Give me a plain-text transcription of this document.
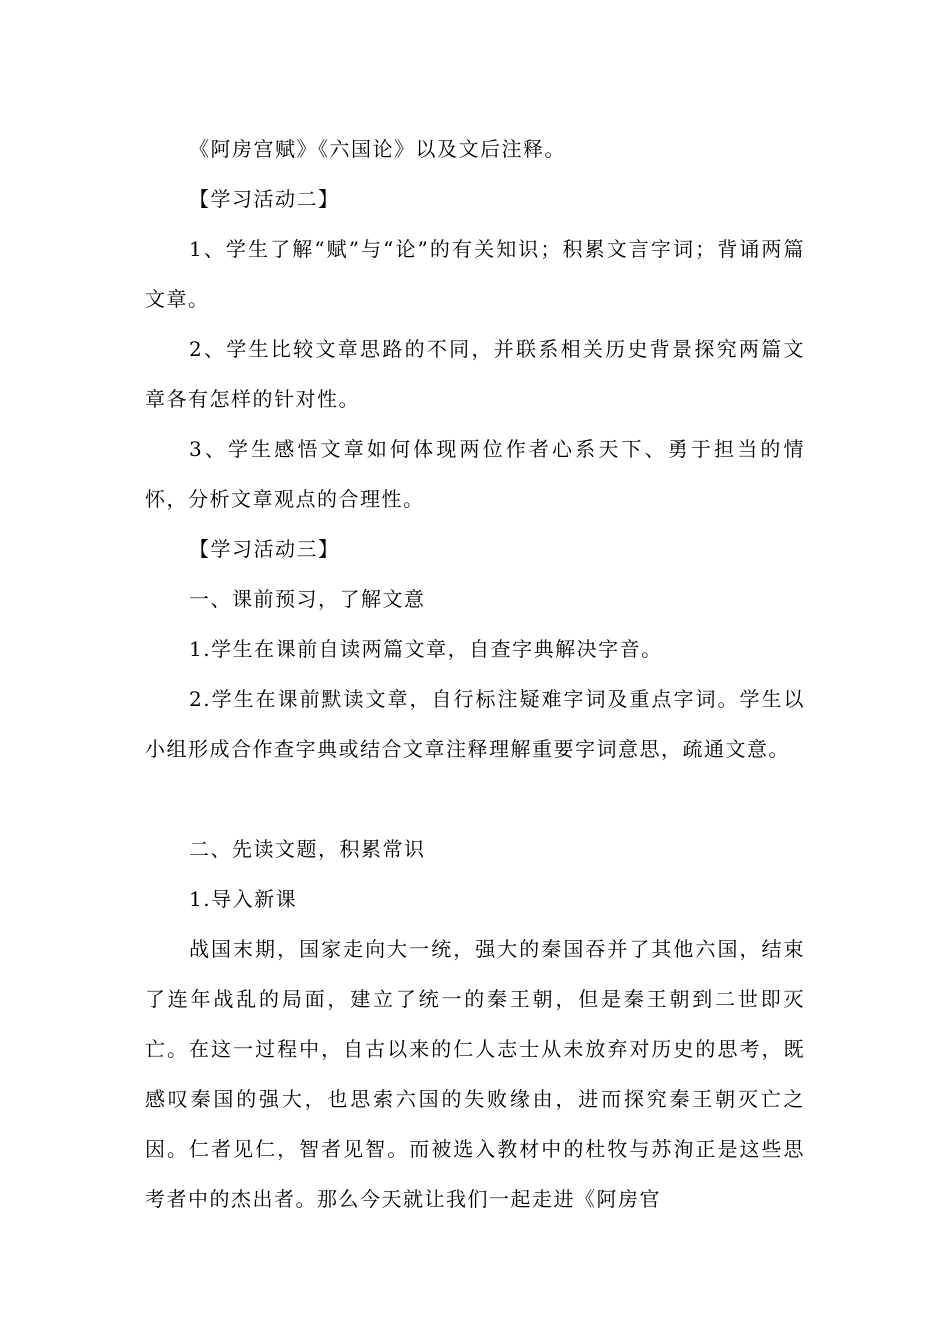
《阿房宫赋》《六国论》以及文后注释。

【学习活动二】

1、学生了解“赋”与“论”的有关知识；积累文言字词；背诵两篇文章。

2、学生比较文章思路的不同，并联系相关历史背景探究两篇文章各有怎样的针对性。

3、学生感悟文章如何体现两位作者心系天下、勇于担当的情怀，分析文章观点的合理性。

【学习活动三】

一、课前预习，了解文意

1.学生在课前自读两篇文章，自查字典解决字音。

2.学生在课前默读文章，自行标注疑难字词及重点字词。学生以小组形成合作查字典或结合文章注释理解重要字词意思，疏通文意。

二、先读文题，积累常识

1.导入新课

战国末期，国家走向大一统，强大的秦国吞并了其他六国，结束了连年战乱的局面，建立了统一的秦王朝，但是秦王朝到二世即灭亡。在这一过程中，自古以来的仁人志士从未放弃对历史的思考，既感叹秦国的强大，也思索六国的失败缘由，进而探究秦王朝灭亡之因。仁者见仁，智者见智。而被选入教材中的杜牧与苏洵正是这些思考者中的杰出者。那么今天就让我们一起走进《阿房官
